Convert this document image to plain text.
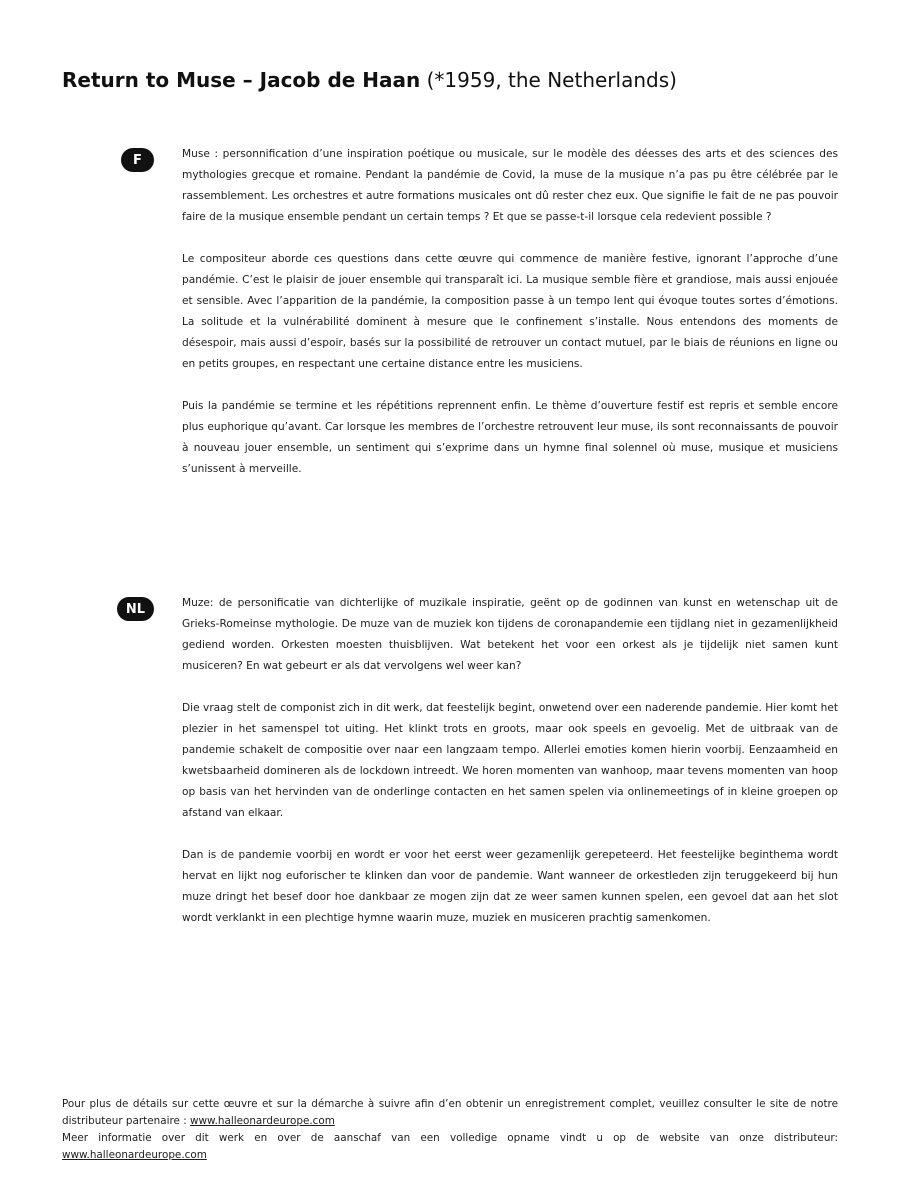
Return to Muse – Jacob de Haan (*1959, the Netherlands)
F	Muse : personnification d’une inspiration poétique ou musicale, sur le modèle des déesses des arts et des sciences des mythologies grecque et romaine. Pendant la pandémie de Covid, la muse de la musique n’a pas pu être célébrée par le rassemblement. Les orchestres et autre formations musicales ont dû rester chez eux. Que signifie le fait de ne pas pouvoir faire de la musique ensemble pendant un certain temps ? Et que se passe-t-il lorsque cela redevient possible ?

Le compositeur aborde ces questions dans cette œuvre qui commence de manière festive, ignorant l’approche d’une pandémie. C’est le plaisir de jouer ensemble qui transparaît ici. La musique semble fière et grandiose, mais aussi enjouée et sensible. Avec l’apparition de la pandémie, la composition passe à un tempo lent qui évoque toutes sortes d’émotions. La solitude et la vulnérabilité dominent à mesure que le confinement s’installe. Nous entendons des moments de désespoir, mais aussi d’espoir, basés sur la possibilité de retrouver un contact mutuel, par le biais de réunions en ligne ou en petits groupes, en respectant une certaine distance entre les musiciens.

Puis la pandémie se termine et les répétitions reprennent enfin. Le thème d’ouverture festif est repris et semble encore plus euphorique qu’avant. Car lorsque les membres de l’orchestre retrouvent leur muse, ils sont reconnaissants de pouvoir à nouveau jouer ensemble, un sentiment qui s’exprime dans un hymne final solennel où muse, musique et musiciens s’unissent à merveille.

NL	Muze: de personificatie van dichterlijke of muzikale inspiratie, geënt op de godinnen van kunst en wetenschap uit de Grieks-Romeinse mythologie. De muze van de muziek kon tijdens de coronapandemie een tijdlang niet in gezamenlijkheid gediend worden. Orkesten moesten thuisblijven. Wat betekent het voor een orkest als je tijdelijk niet samen kunt musiceren? En wat gebeurt er als dat vervolgens wel weer kan?

Die vraag stelt de componist zich in dit werk, dat feestelijk begint, onwetend over een naderende pandemie. Hier komt het plezier in het samenspel tot uiting. Het klinkt trots en groots, maar ook speels en gevoelig. Met de uitbraak van de pandemie schakelt de compositie over naar een langzaam tempo. Allerlei emoties komen hierin voorbij. Eenzaamheid en kwetsbaarheid domineren als de lockdown intreedt. We horen momenten van wanhoop, maar tevens momenten van hoop op basis van het hervinden van de onderlinge contacten en het samen spelen via onlinemeetings of in kleine groepen op afstand van elkaar.

Dan is de pandemie voorbij en wordt er voor het eerst weer gezamenlijk gerepeteerd. Het feestelijke beginthema wordt hervat en lijkt nog euforischer te klinken dan voor de pandemie. Want wanneer de orkestleden zijn teruggekeerd bij hun muze dringt het besef door hoe dankbaar ze mogen zijn dat ze weer samen kunnen spelen, een gevoel dat aan het slot wordt verklankt in een plechtige hymne waarin muze, muziek en musiceren prachtig samenkomen.

Pour plus de détails sur cette œuvre et sur la démarche à suivre afin d’en obtenir un enregistrement complet, veuillez consulter le site de notre distributeur partenaire : www.halleonardeurope.com

Meer informatie over dit werk en over de aanschaf van een volledige opname vindt u op de website van onze distributeur: www.halleonardeurope.com
